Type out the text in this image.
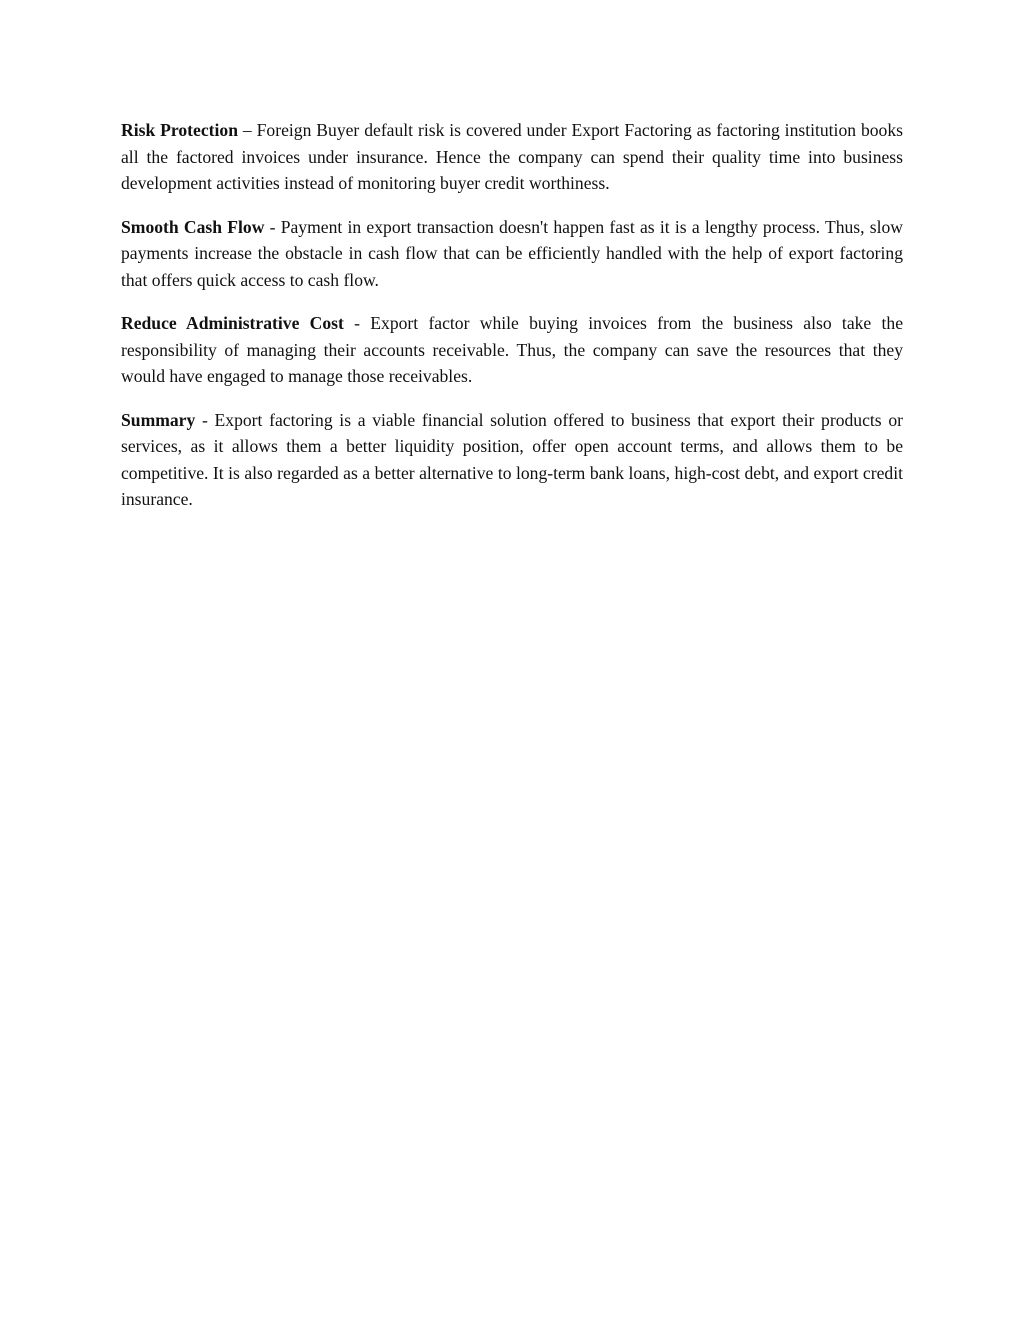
Risk Protection – Foreign Buyer default risk is covered under Export Factoring as factoring institution books all the factored invoices under insurance. Hence the company can spend their quality time into business development activities instead of monitoring buyer credit worthiness.

Smooth Cash Flow - Payment in export transaction doesn't happen fast as it is a lengthy process. Thus, slow payments increase the obstacle in cash flow that can be efficiently handled with the help of export factoring that offers quick access to cash flow.

Reduce Administrative Cost - Export factor while buying invoices from the business also take the responsibility of managing their accounts receivable. Thus, the company can save the resources that they would have engaged to manage those receivables.

Summary - Export factoring is a viable financial solution offered to business that export their products or services, as it allows them a better liquidity position, offer open account terms, and allows them to be competitive. It is also regarded as a better alternative to long-term bank loans, high-cost debt, and export credit insurance.
